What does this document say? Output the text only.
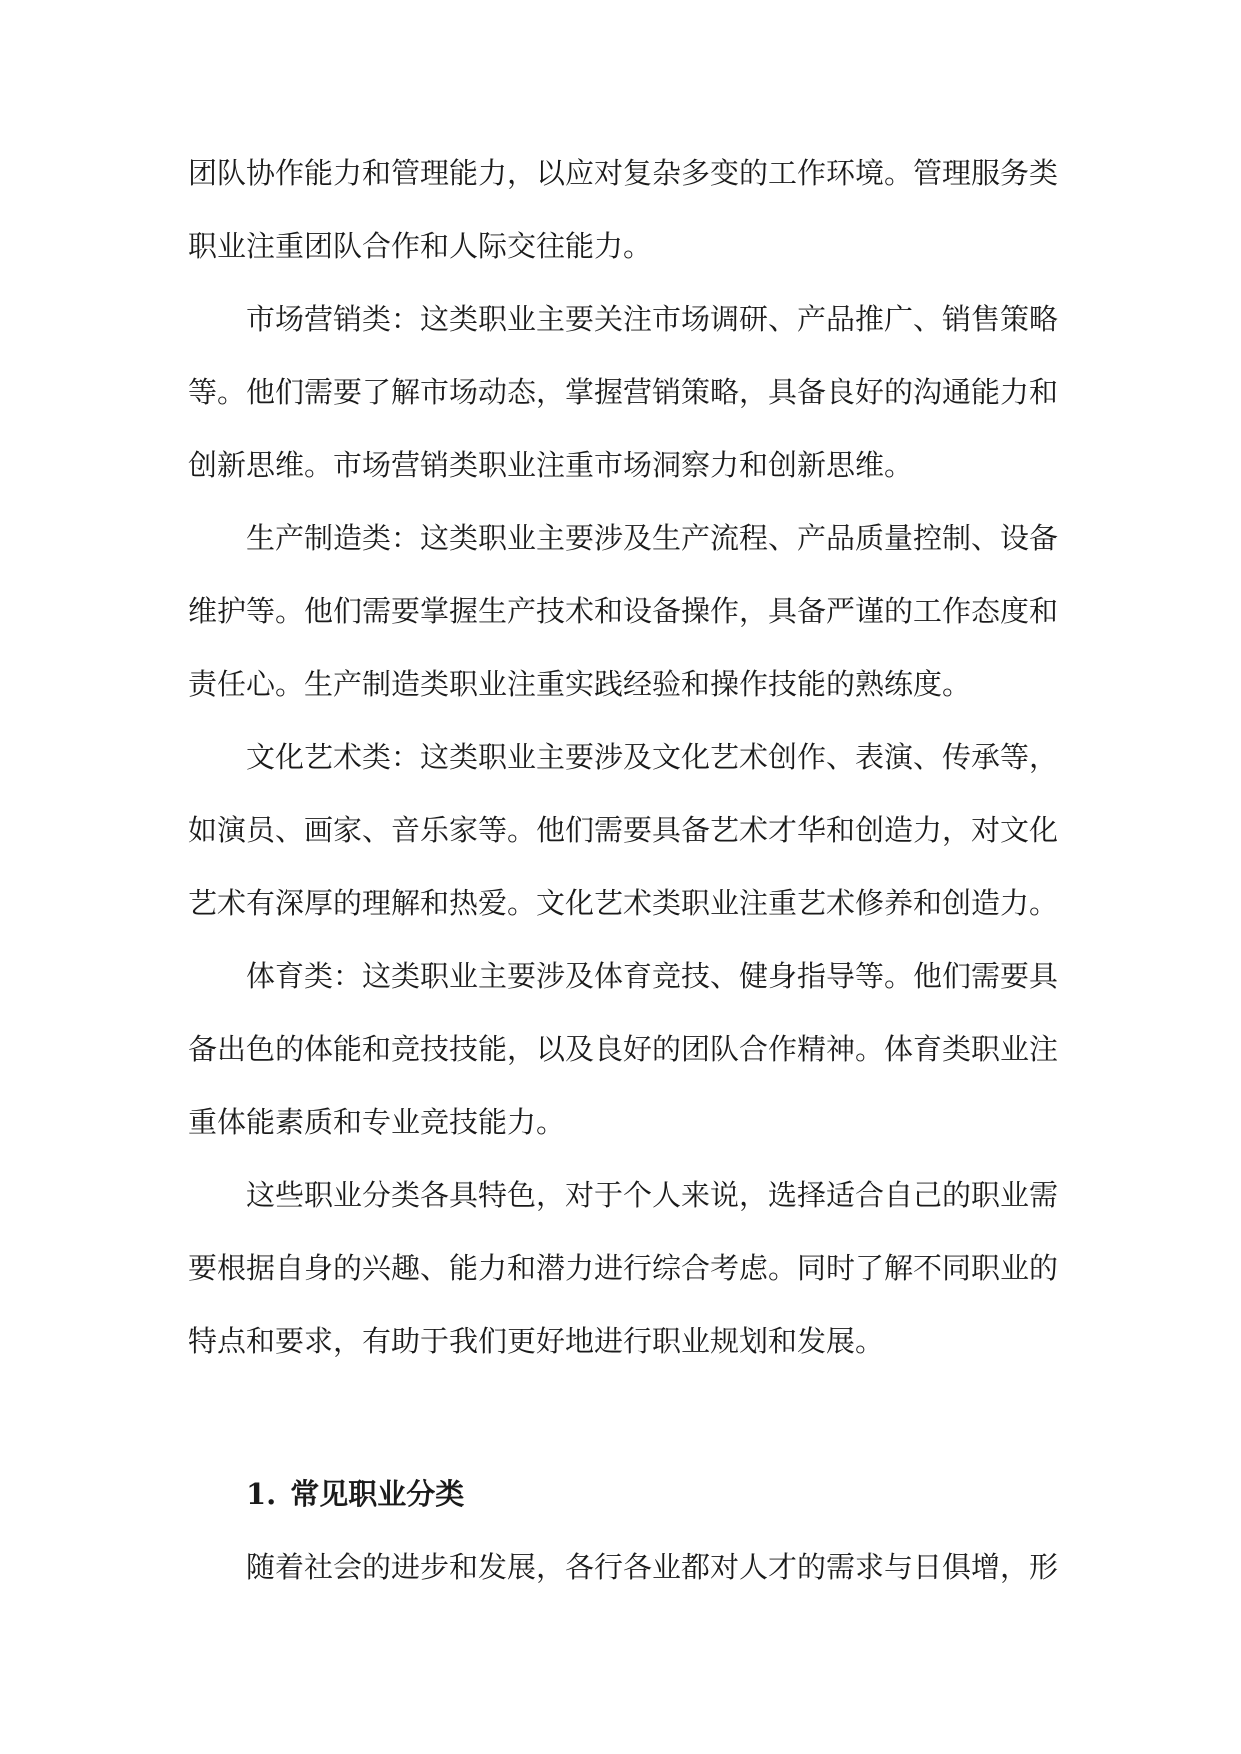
团队协作能力和管理能力，以应对复杂多变的工作环境。管理服务类职业注重团队合作和人际交往能力。

市场营销类：这类职业主要关注市场调研、产品推广、销售策略等。他们需要了解市场动态，掌握营销策略，具备良好的沟通能力和创新思维。市场营销类职业注重市场洞察力和创新思维。

生产制造类：这类职业主要涉及生产流程、产品质量控制、设备维护等。他们需要掌握生产技术和设备操作，具备严谨的工作态度和责任心。生产制造类职业注重实践经验和操作技能的熟练度。

文化艺术类：这类职业主要涉及文化艺术创作、表演、传承等，如演员、画家、音乐家等。他们需要具备艺术才华和创造力，对文化艺术有深厚的理解和热爱。文化艺术类职业注重艺术修养和创造力。

体育类：这类职业主要涉及体育竞技、健身指导等。他们需要具备出色的体能和竞技技能，以及良好的团队合作精神。体育类职业注重体能素质和专业竞技能力。

这些职业分类各具特色，对于个人来说，选择适合自己的职业需要根据自身的兴趣、能力和潜力进行综合考虑。同时了解不同职业的特点和要求，有助于我们更好地进行职业规划和发展。

1. 常见职业分类

随着社会的进步和发展，各行各业都对人才的需求与日俱增，形
